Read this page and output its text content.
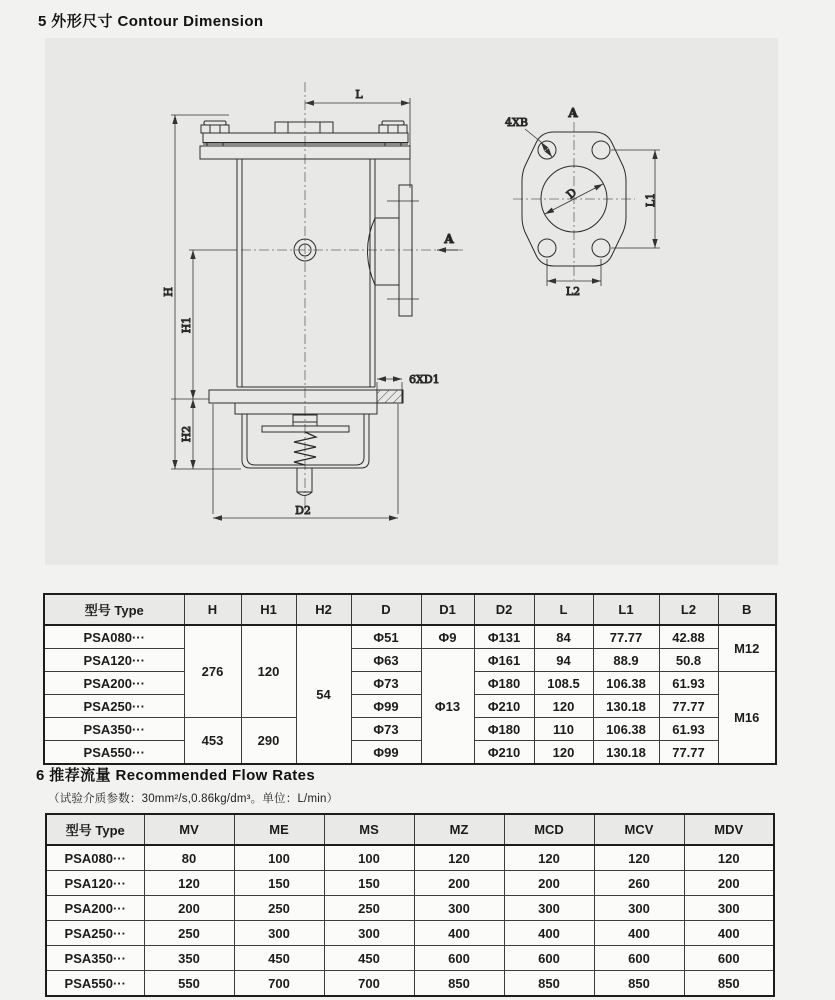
5 外形尺寸 Contour Dimension
L
H
H1
H2
D2
6XD1
A
A
4XB
D	L1
L2
型号 Type	H	H1	H2	D	D1	D2	L	L1	L2	B
PSA080···	276	120	54	Φ51	Φ9	Φ131	84	77.77	42.88	M12
PSA120···				Φ63	Φ13	Φ161	94	88.9	50.8	
PSA200···				Φ73		Φ180	108.5	106.38	61.93	M16
PSA250···				Φ99		Φ210	120	130.18	77.77	
PSA350···	453	290		Φ73		Φ180	110	106.38	61.93	
PSA550···				Φ99		Φ210	120	130.18	77.77	
6 推荐流量 Recommended Flow Rates
（试验介质参数：30mm²/s,0.86kg/dm³。单位：L/min）
型号 Type	MV	ME	MS	MZ	MCD	MCV	MDV
PSA080···	80	100	100	120	120	120	120
PSA120···	120	150	150	200	200	260	200
PSA200···	200	250	250	300	300	300	300
PSA250···	250	300	300	400	400	400	400
PSA350···	350	450	450	600	600	600	600
PSA550···	550	700	700	850	850	850	850
